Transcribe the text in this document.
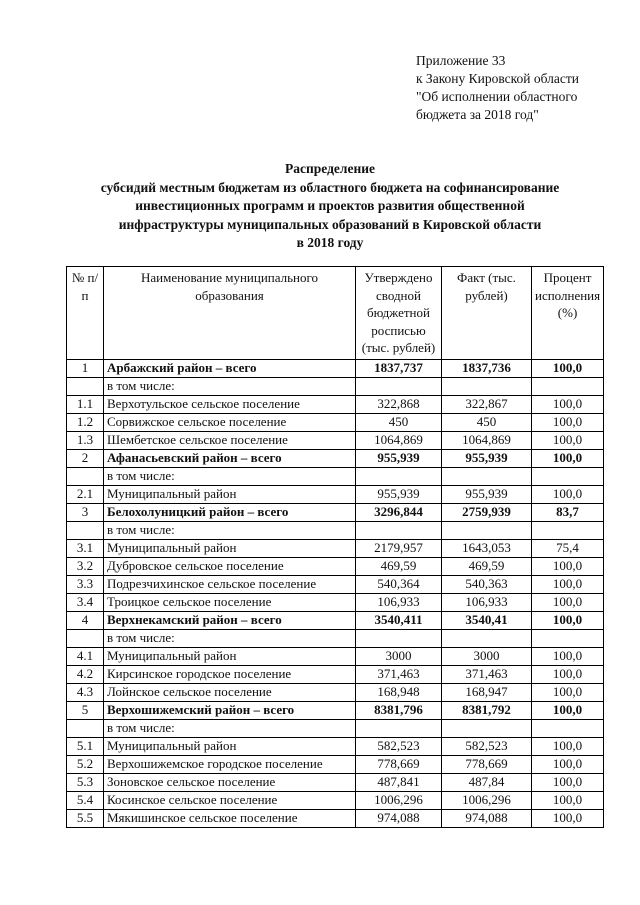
Приложение 33
к Закону Кировской области
"Об исполнении областного
бюджета за 2018 год"
Распределение
субсидий местным бюджетам из областного бюджета на софинансирование
инвестиционных программ и проектов развития общественной
инфраструктуры муниципальных образований в Кировской области
в 2018 году
№ п/п	Наименование муниципального образования	Утверждено сводной бюджетной росписью (тыс. рублей)	Факт (тыс. рублей)	Процент исполнения (%)
1	Арбажский район – всего	1837,737	1837,736	100,0
	в том числе:			
1.1	Верхотульское сельское поселение	322,868	322,867	100,0
1.2	Сорвижское сельское поселение	450	450	100,0
1.3	Шембетское сельское поселение	1064,869	1064,869	100,0
2	Афанасьевский район – всего	955,939	955,939	100,0
	в том числе:			
2.1	Муниципальный район	955,939	955,939	100,0
3	Белохолуницкий район – всего	3296,844	2759,939	83,7
	в том числе:			
3.1	Муниципальный район	2179,957	1643,053	75,4
3.2	Дубровское сельское поселение	469,59	469,59	100,0
3.3	Подрезчихинское сельское поселение	540,364	540,363	100,0
3.4	Троицкое сельское поселение	106,933	106,933	100,0
4	Верхнекамский район – всего	3540,411	3540,41	100,0
	в том числе:			
4.1	Муниципальный район	3000	3000	100,0
4.2	Кирсинское городское поселение	371,463	371,463	100,0
4.3	Лойнское сельское поселение	168,948	168,947	100,0
5	Верхошижемский район – всего	8381,796	8381,792	100,0
	в том числе:			
5.1	Муниципальный район	582,523	582,523	100,0
5.2	Верхошижемское городское поселение	778,669	778,669	100,0
5.3	Зоновское сельское поселение	487,841	487,84	100,0
5.4	Косинское сельское поселение	1006,296	1006,296	100,0
5.5	Мякишинское сельское поселение	974,088	974,088	100,0
